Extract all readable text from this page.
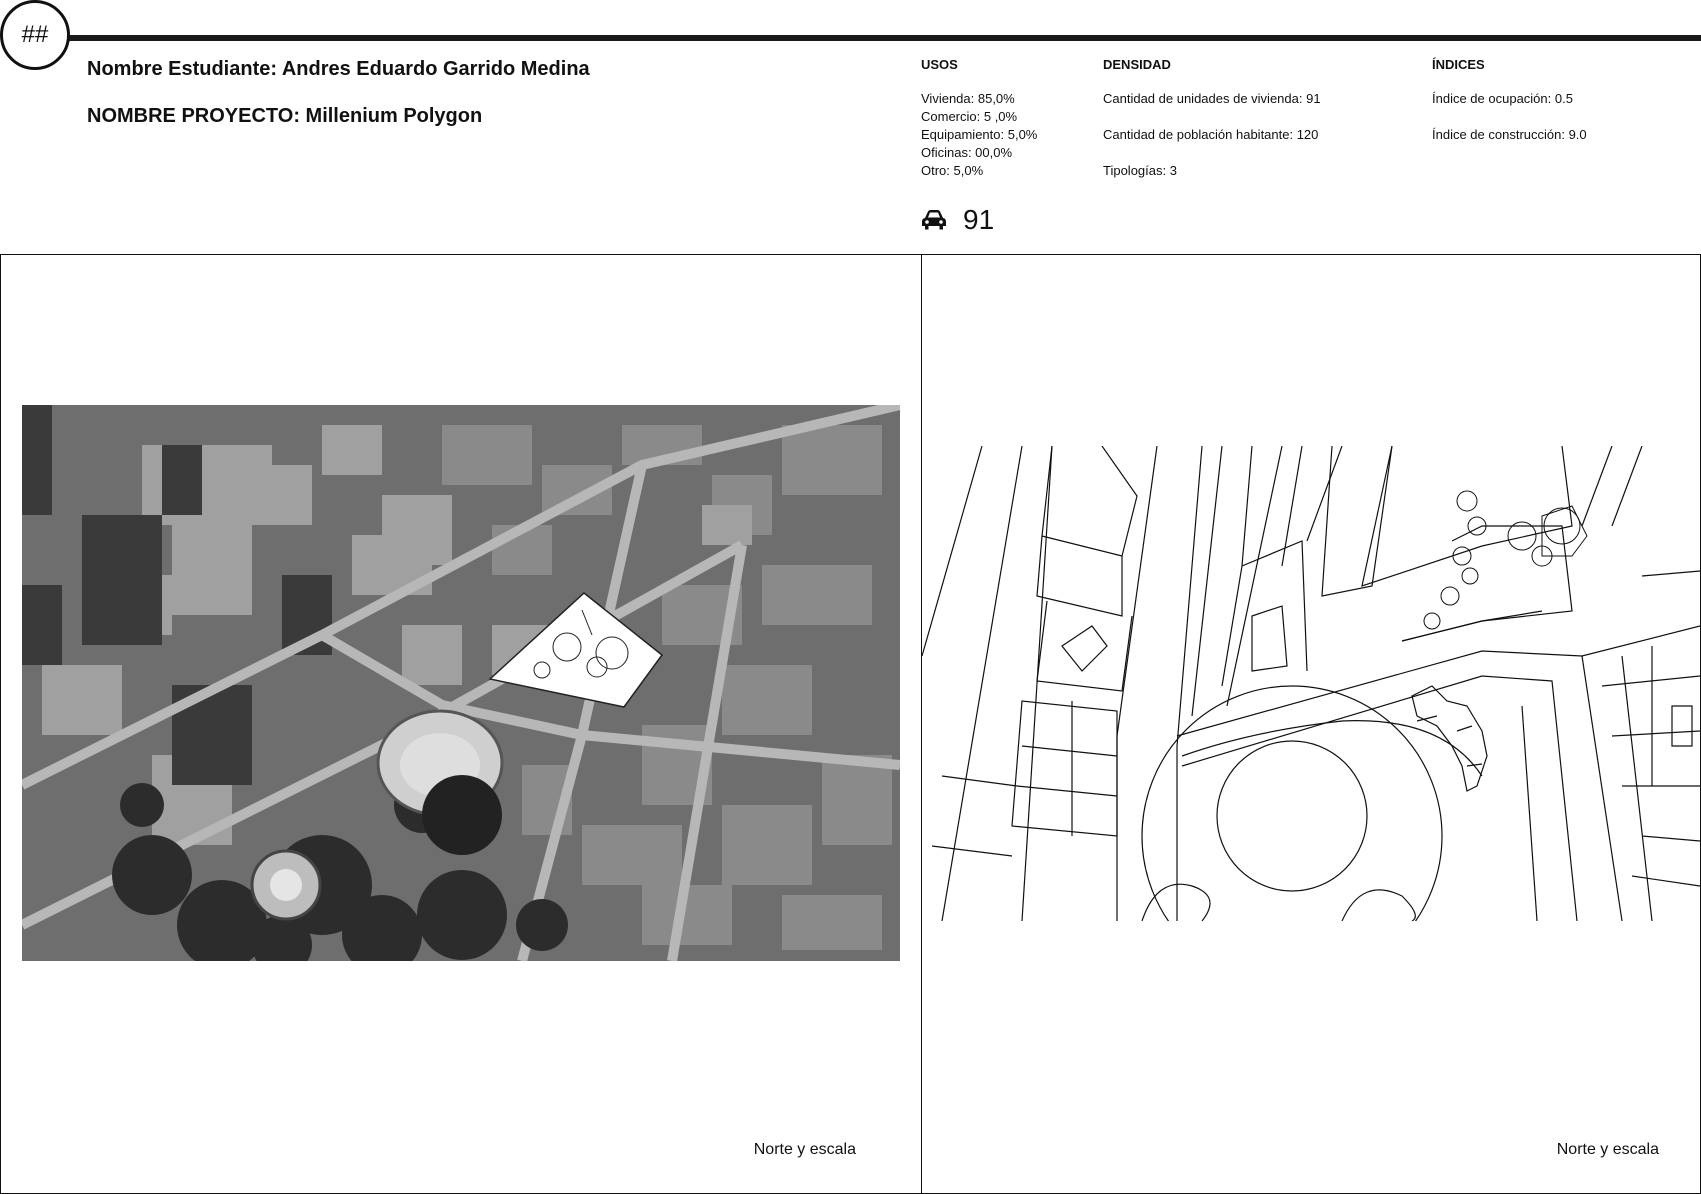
##
Nombre Estudiante: Andres Eduardo Garrido Medina
NOMBRE PROYECTO: Millenium Polygon
USOS
Vivienda: 85,0%
Comercio: 5 ,0%
Equipamiento: 5,0%
Oficinas: 00,0%
Otro: 5,0%
DENSIDAD
Cantidad de unidades de vivienda: 91
Cantidad de población habitante: 120
Tipologías: 3
ÍNDICES
Índice de ocupación: 0.5
Índice de construcción: 9.0
91
Norte y escala	Norte y escala
